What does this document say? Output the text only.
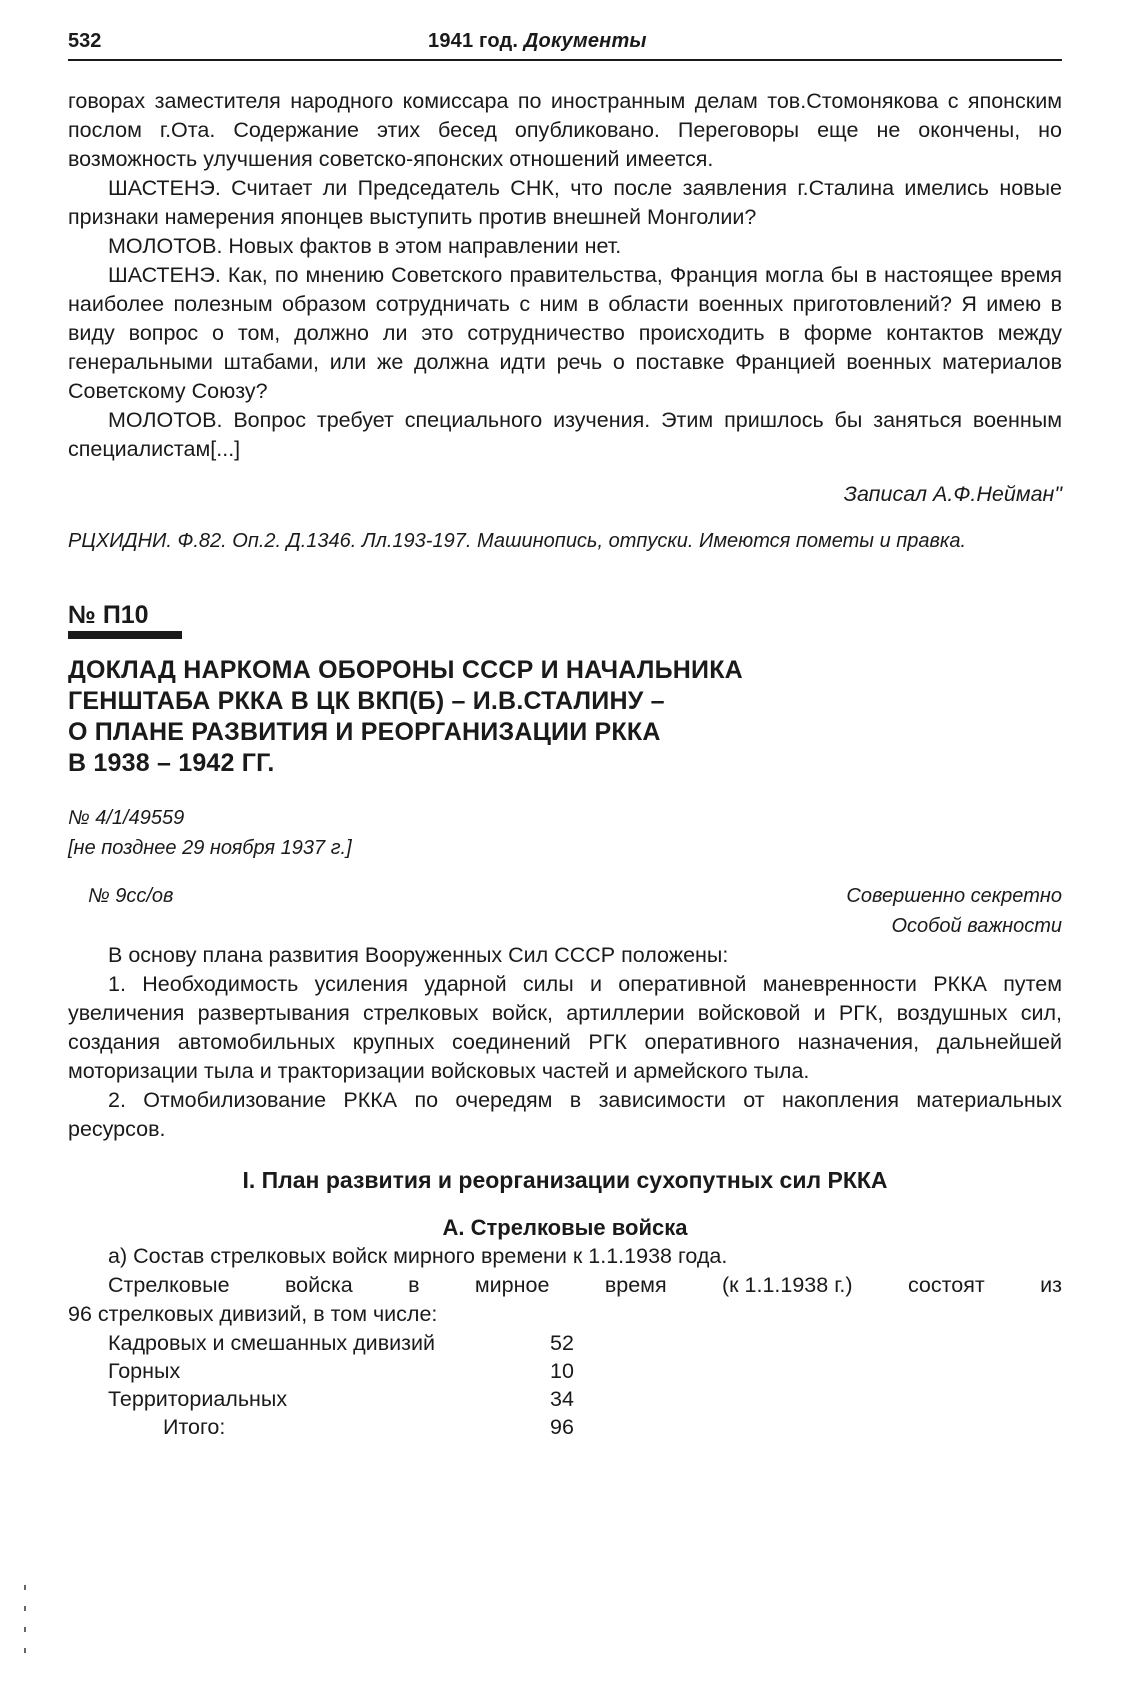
532	1941 год. Документы

говорах заместителя народного комиссара по иностранным делам тов.Стомонякова с японским послом г.Ота. Содержание этих бесед опубликовано. Переговоры еще не окончены, но возможность улучшения советско-японских отношений имеется.

ШАСТЕНЭ. Считает ли Председатель СНК, что после заявления г.Сталина имелись новые признаки намерения японцев выступить против внешней Монголии?

МОЛОТОВ. Новых фактов в этом направлении нет.

ШАСТЕНЭ. Как, по мнению Советского правительства, Франция могла бы в настоящее время наиболее полезным образом сотрудничать с ним в области военных приготовлений? Я имею в виду вопрос о том, должно ли это сотрудничество происходить в форме контактов между генеральными штабами, или же должна идти речь о поставке Францией военных материалов Советскому Союзу?

МОЛОТОВ. Вопрос требует специального изучения. Этим пришлось бы заняться военным специалистам[...]

Записал А.Ф.Нейман"

РЦХИДНИ. Ф.82. Оп.2. Д.1346. Лл.193-197. Машинопись, отпуски. Имеются пометы и правка.

№ П10
ДОКЛАД НАРКОМА ОБОРОНЫ СССР И НАЧАЛЬНИКА
ГЕНШТАБА РККА В ЦК ВКП(Б) – И.В.СТАЛИНУ –
О ПЛАНЕ РАЗВИТИЯ И РЕОРГАНИЗАЦИИ РККА
В 1938 – 1942 ГГ.
№ 4/1/49559
[не позднее 29 ноября 1937 г.]
№ 9сс/ов	Совершенно секретно
Особой важности

В основу плана развития Вооруженных Сил СССР положены:

1. Необходимость усиления ударной силы и оперативной маневренности РККА путем увеличения развертывания стрелковых войск, артиллерии войсковой и РГК, воздушных сил, создания автомобильных крупных соединений РГК оперативного назначения, дальнейшей моторизации тыла и тракторизации войсковых частей и армейского тыла.

2. Отмобилизование РККА по очередям в зависимости от накопления материальных ресурсов.

I. План развития и реорганизации сухопутных сил РККА
А. Стрелковые войска

а) Состав стрелковых войск мирного времени к 1.1.1938 года.

Стрелковые	войска	в	мирное	время	(к 1.1.1938 г.)	состоят	из

96 стрелковых дивизий, в том числе:

Кадровых и смешанных дивизий	52
Горных	10
Территориальных	34
Итого:	96
